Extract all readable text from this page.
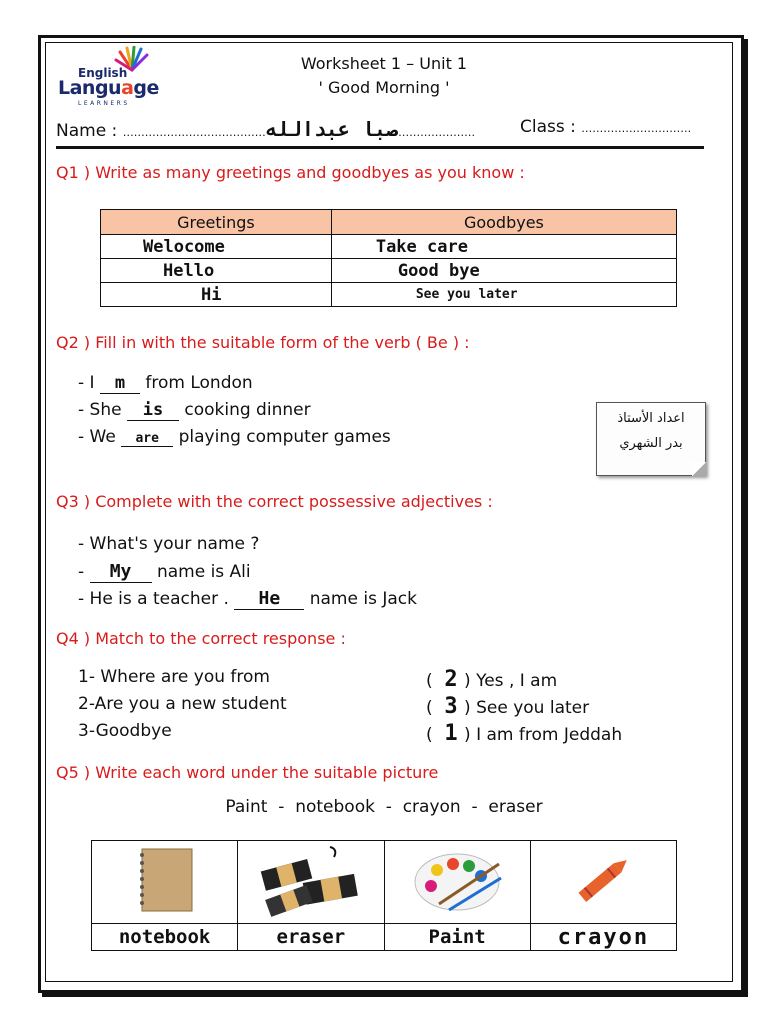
English
Language
LEARNERS
Worksheet 1 – Unit 1
' Good Morning '
Name : …………………………………صبا عبدالله…………………	Class : …………………………
Q1 ) Write as many greetings and goodbyes as you know :
Greetings	Goodbyes
Welocome	Take care
Hello	Good bye
Hi	See you later
Q2 ) Fill in with the suitable form of the verb ( Be ) :
- I m from London
- She is cooking dinner
- We are playing computer games
اعداد الأستاذ
بدر الشهري
Q3 ) Complete with the correct possessive adjectives :
- What's your name ?
- My name is Ali
- He is a teacher . He name is Jack
Q4 ) Match to the correct response :
1- Where are you from
2-Are you a new student
3-Goodbye
( 2 ) Yes , I am
( 3 ) See you later
( 1 ) I am from Jeddah
Q5 ) Write each word under the suitable picture
Paint  -  notebook  -  crayon  -  eraser

notebook	eraser	Paint	crayon
